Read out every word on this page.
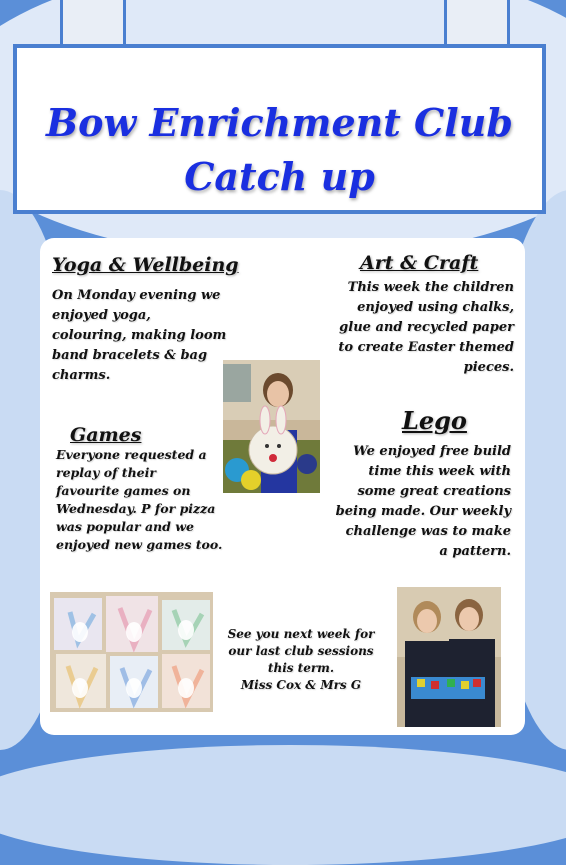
Bow Enrichment Club
Catch up
Yoga & Wellbeing
On Monday evening we
enjoyed yoga,
colouring, making loom
band bracelets & bag
charms.
Art & Craft
This week the children
enjoyed using chalks,
glue and recycled paper
to create Easter themed
pieces.
Games
Everyone requested a
replay of their
favourite games on
Wednesday. P for pizza
was popular and we
enjoyed new games too.
Lego
We enjoyed free build
time this week with
some great creations
being made. Our weekly
challenge was to make
a pattern.
See you next week for
our last club sessions
this term.
Miss Cox & Mrs G
